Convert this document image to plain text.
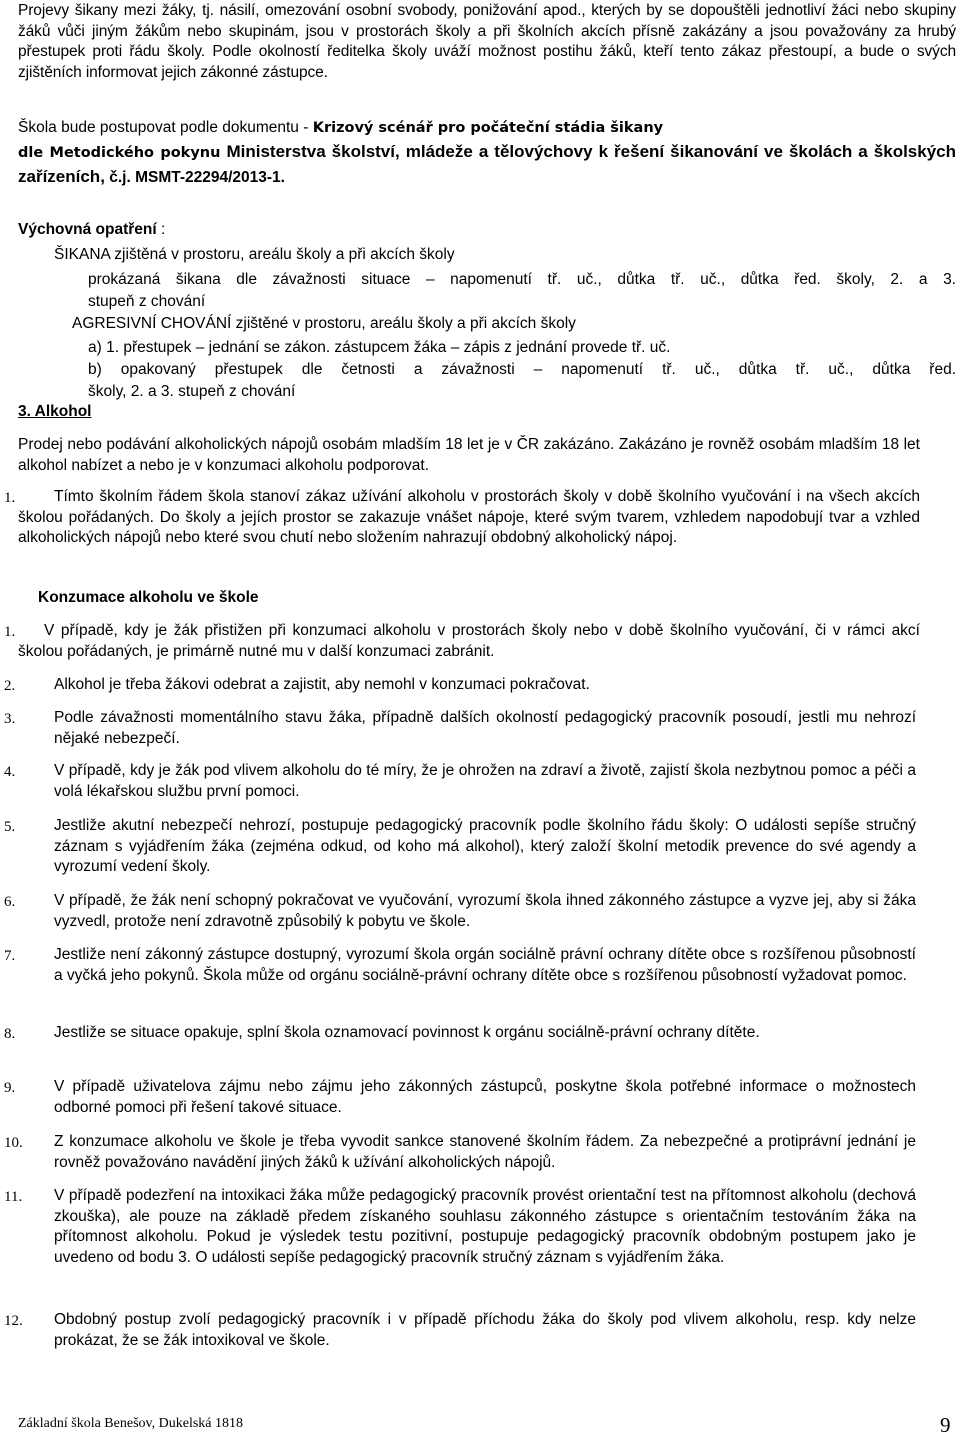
Projevy šikany mezi žáky, tj. násilí, omezování osobní svobody, ponižování apod., kterých by se dopouštěli jednotliví žáci nebo skupiny žáků vůči jiným žákům nebo skupinám, jsou v prostorách školy a při školních akcích přísně zakázány a jsou považovány za hrubý přestupek proti řádu školy. Podle okolností ředitelka školy uváží možnost postihu žáků, kteří tento zákaz přestoupí, a bude o svých zjištěních informovat jejich zákonné zástupce.

Škola bude postupovat podle dokumentu - Krizový scénář pro počáteční stádia šikany
dle Metodického pokynu Ministerstva školství, mládeže a tělovýchovy k řešení šikanování ve školách a školských zařízeních, č.j. MSMT-22294/2013-1.

Výchovná opatření :

ŠIKANA zjištěná v prostoru, areálu školy a při akcích školy

prokázaná šikana dle závažnosti situace – napomenutí tř. uč., důtka tř. uč., důtka řed. školy, 2. a 3.

stupeň z chování

AGRESIVNÍ CHOVÁNÍ zjištěné v prostoru, areálu školy a při akcích školy

a) 1. přestupek – jednání se zákon. zástupcem žáka – zápis z jednání provede tř. uč.

b) opakovaný přestupek dle četnosti a závažnosti – napomenutí tř. uč., důtka tř. uč., důtka řed.

školy, 2. a 3. stupeň z chování

3. Alkohol

Prodej nebo podávání alkoholických nápojů osobám mladším 18 let je v ČR zakázáno. Zakázáno je rovněž osobám mladším 18 let alkohol nabízet a nebo je v konzumaci alkoholu podporovat.

1.	Tímto školním řádem škola stanoví zákaz užívání alkoholu v prostorách školy v době školního vyučování i na všech akcích školou pořádaných. Do školy a jejích prostor se zakazuje vnášet nápoje, které svým tvarem, vzhledem napodobují tvar a vzhled alkoholických nápojů nebo které svou chutí nebo složením nahrazují obdobný alkoholický nápoj.

Konzumace alkoholu ve škole

1.	V případě, kdy je žák přistižen při konzumaci alkoholu v prostorách školy nebo v době školního vyučování, či v rámci akcí školou pořádaných, je primárně nutné mu v další konzumaci zabránit.

2.	Alkohol je třeba žákovi odebrat a zajistit, aby nemohl v konzumaci pokračovat.

3.	Podle závažnosti momentálního stavu žáka, případně dalších okolností pedagogický pracovník posoudí, jestli mu nehrozí nějaké nebezpečí.

4.	V případě, kdy je žák pod vlivem alkoholu do té míry, že je ohrožen na zdraví a životě, zajistí škola nezbytnou pomoc a péči a volá lékařskou službu první pomoci.

5.	Jestliže akutní nebezpečí nehrozí, postupuje pedagogický pracovník podle školního řádu školy: O události sepíše stručný záznam s vyjádřením žáka (zejména odkud, od koho má alkohol), který založí školní metodik prevence do své agendy a vyrozumí vedení školy.

6.	V případě, že žák není schopný pokračovat ve vyučování, vyrozumí škola ihned zákonného zástupce a vyzve jej, aby si žáka vyzvedl, protože není zdravotně způsobilý k pobytu ve škole.

7.	Jestliže není zákonný zástupce dostupný, vyrozumí škola orgán sociálně právní ochrany dítěte obce s rozšířenou působností a vyčká jeho pokynů. Škola může od orgánu sociálně-právní ochrany dítěte obce s rozšířenou působností vyžadovat pomoc.

8.	Jestliže se situace opakuje, splní škola oznamovací povinnost k orgánu sociálně-právní ochrany dítěte.

9.	V případě uživatelova zájmu nebo zájmu jeho zákonných zástupců, poskytne škola potřebné informace o možnostech odborné pomoci při řešení takové situace.

10. Z konzumace alkoholu ve škole je třeba vyvodit sankce stanovené školním řádem. Za nebezpečné a protiprávní jednání je rovněž považováno navádění jiných žáků k užívání alkoholických nápojů.

11. V případě podezření na intoxikaci žáka může pedagogický pracovník provést orientační test na přítomnost alkoholu (dechová zkouška), ale pouze na základě předem získaného souhlasu zákonného zástupce s orientačním testováním žáka na přítomnost alkoholu. Pokud je výsledek testu pozitivní, postupuje pedagogický pracovník obdobným postupem jako je uvedeno od bodu 3. O události sepíše pedagogický pracovník stručný záznam s vyjádřením žáka.

12. Obdobný postup zvolí pedagogický pracovník i v případě příchodu žáka do školy pod vlivem alkoholu, resp. kdy nelze prokázat, že se žák intoxikoval ve škole.

Základní škola Benešov, Dukelská 1818	9
